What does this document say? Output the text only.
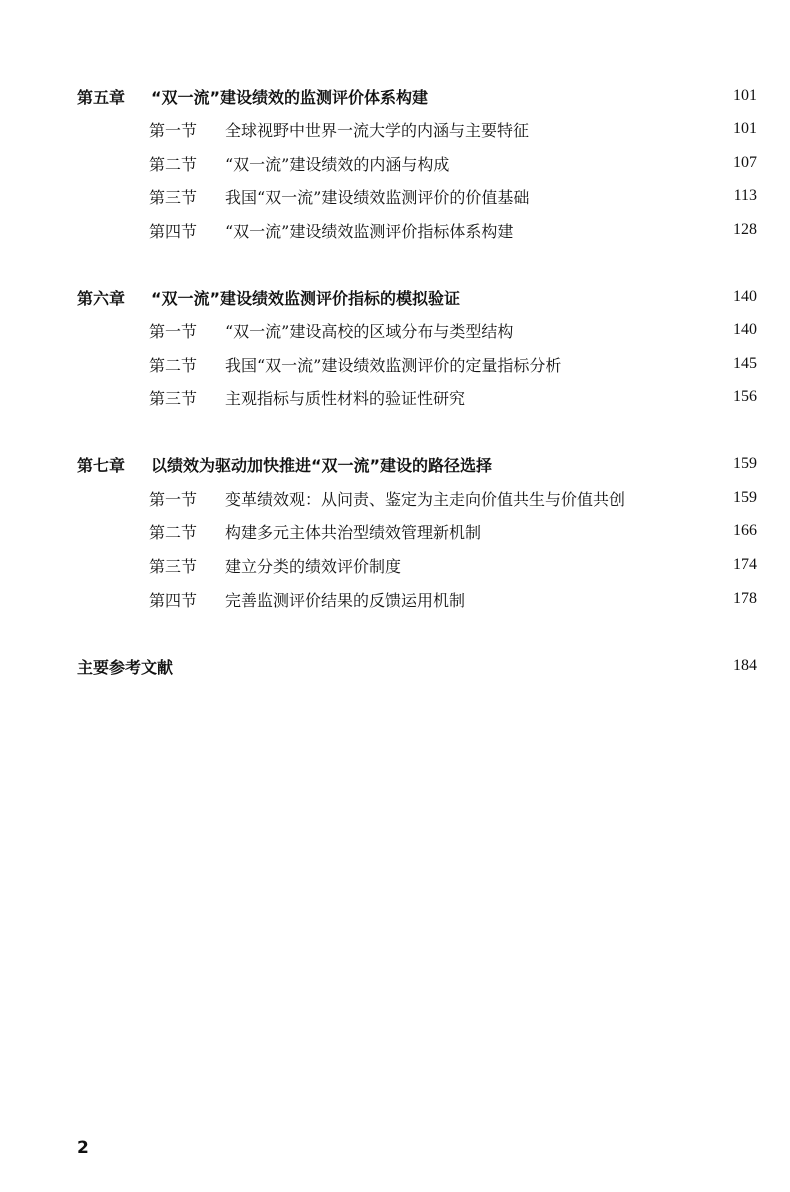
第五章	“双一流”建设绩效的监测评价体系构建	101
第一节	全球视野中世界一流大学的内涵与主要特征	101
第二节	“双一流”建设绩效的内涵与构成	107
第三节	我国“双一流”建设绩效监测评价的价值基础	113
第四节	“双一流”建设绩效监测评价指标体系构建	128
第六章	“双一流”建设绩效监测评价指标的模拟验证	140
第一节	“双一流”建设高校的区域分布与类型结构	140
第二节	我国“双一流”建设绩效监测评价的定量指标分析	145
第三节	主观指标与质性材料的验证性研究	156
第七章	以绩效为驱动加快推进“双一流”建设的路径选择	159
第一节	变革绩效观：从问责、鉴定为主走向价值共生与价值共创	159
第二节	构建多元主体共治型绩效管理新机制	166
第三节	建立分类的绩效评价制度	174
第四节	完善监测评价结果的反馈运用机制	178
主要参考文献	184
2
